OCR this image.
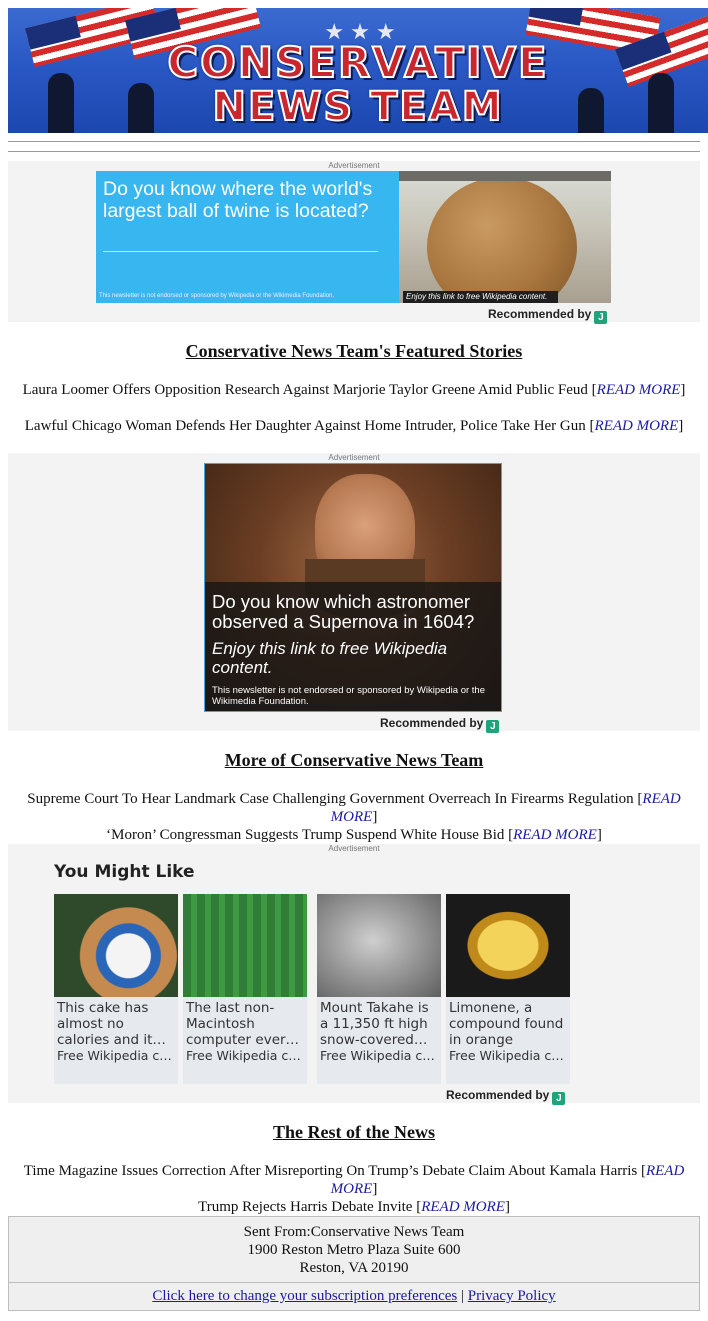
★★★
CONSERVATIVE
NEWS TEAM
Advertisement
Do you know where the world's largest ball of twine is located?
This newsletter is not endorsed or sponsored by Wikipedia or the Wikimedia Foundation.	Enjoy this link to free Wikipedia content.
Recommended by J
Conservative News Team's Featured Stories
Laura Loomer Offers Opposition Research Against Marjorie Taylor Greene Amid Public Feud [READ MORE]
Lawful Chicago Woman Defends Her Daughter Against Home Intruder, Police Take Her Gun [READ MORE]
Advertisement
Do you know which astronomer observed a Supernova in 1604?
Enjoy this link to free Wikipedia content.
This newsletter is not endorsed or sponsored by Wikipedia or the Wikimedia Foundation.
Recommended by J
More of Conservative News Team
Supreme Court To Hear Landmark Case Challenging Government Overreach In Firearms Regulation [READ MORE]
‘Moron’ Congressman Suggests Trump Suspend White House Bid [READ MORE]
Advertisement
You Might Like
This cake has almost no calories and it…
Free Wikipedia c…
The last non-Macintosh computer ever…
Free Wikipedia c…
Mount Takahe is a 11,350 ft high snow-covered…
Free Wikipedia c…
Limonene, a compound found in orange
Free Wikipedia c…
Recommended by J
The Rest of the News
Time Magazine Issues Correction After Misreporting On Trump’s Debate Claim About Kamala Harris [READ MORE]
Trump Rejects Harris Debate Invite [READ MORE]
Sent From:Conservative News Team
1900 Reston Metro Plaza Suite 600
Reston, VA 20190
Click here to change your subscription preferences | Privacy Policy
